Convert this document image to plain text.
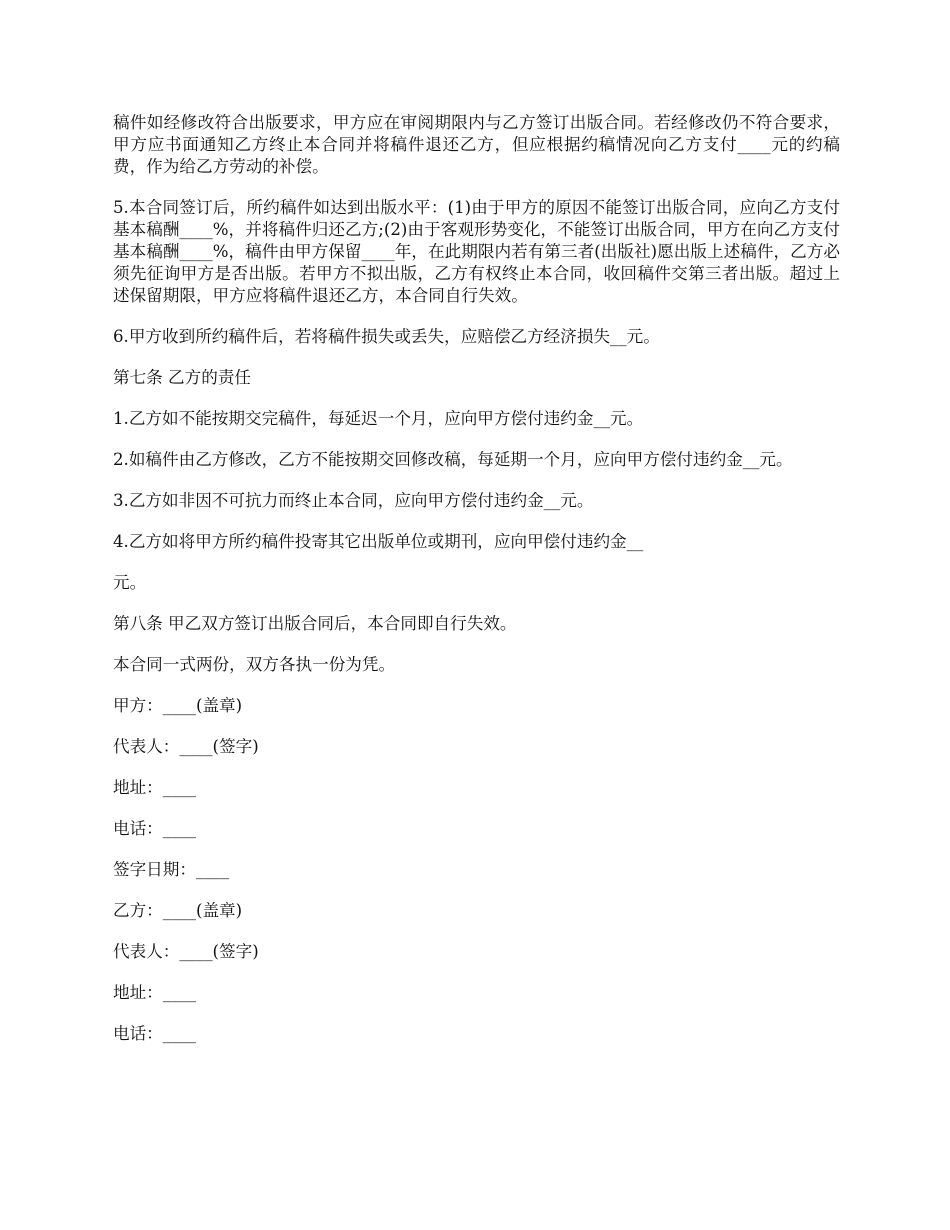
稿件如经修改符合出版要求，甲方应在审阅期限内与乙方签订出版合同。若经修改仍不符合要求，甲方应书面通知乙方终止本合同并将稿件退还乙方，但应根据约稿情况向乙方支付____元的约稿费，作为给乙方劳动的补偿。

5.本合同签订后，所约稿件如达到出版水平：(1)由于甲方的原因不能签订出版合同，应向乙方支付基本稿酬____%，并将稿件归还乙方;(2)由于客观形势变化，不能签订出版合同，甲方在向乙方支付基本稿酬____%，稿件由甲方保留____年，在此期限内若有第三者(出版社)愿出版上述稿件，乙方必须先征询甲方是否出版。若甲方不拟出版，乙方有权终止本合同，收回稿件交第三者出版。超过上述保留期限，甲方应将稿件退还乙方，本合同自行失效。

6.甲方收到所约稿件后，若将稿件损失或丢失，应赔偿乙方经济损失__元。

第七条 乙方的责任

1.乙方如不能按期交完稿件，每延迟一个月，应向甲方偿付违约金__元。

2.如稿件由乙方修改，乙方不能按期交回修改稿，每延期一个月，应向甲方偿付违约金__元。

3.乙方如非因不可抗力而终止本合同，应向甲方偿付违约金__元。

4.乙方如将甲方所约稿件投寄其它出版单位或期刊，应向甲偿付违约金__

元。

第八条 甲乙双方签订出版合同后，本合同即自行失效。

本合同一式两份，双方各执一份为凭。

甲方：____(盖章)

代表人：____(签字)

地址：____

电话：____

签字日期：____

乙方：____(盖章)

代表人：____(签字)

地址：____

电话：____
